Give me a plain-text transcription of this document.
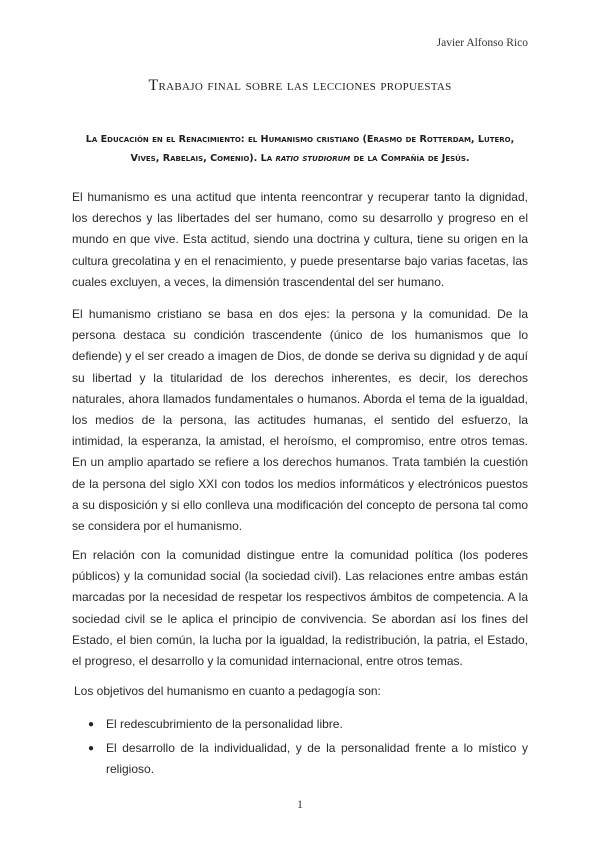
Javier Alfonso Rico
Trabajo final sobre las lecciones propuestas
La Educación en el Renacimiento: el Humanismo cristiano (Erasmo de Rotterdam, Lutero, Vives, Rabelais, Comenio). La ratio studiorum de la Compañía de Jesús.

El humanismo es una actitud que intenta reencontrar y recuperar tanto la dignidad, los derechos y las libertades del ser humano, como su desarrollo y progreso en el mundo en que vive. Esta actitud, siendo una doctrina y cultura, tiene su origen en la cultura grecolatina y en el renacimiento, y puede presentarse bajo varias facetas, las cuales excluyen, a veces, la dimensión trascendental del ser humano.

El humanismo cristiano se basa en dos ejes: la persona y la comunidad. De la persona destaca su condición trascendente (único de los humanismos que lo defiende) y el ser creado a imagen de Dios, de donde se deriva su dignidad y de aquí su libertad y la titularidad de los derechos inherentes, es decir, los derechos naturales, ahora llamados fundamentales o humanos. Aborda el tema de la igualdad, los medios de la persona, las actitudes humanas, el sentido del esfuerzo, la intimidad, la esperanza, la amistad, el heroísmo, el compromiso, entre otros temas. En un amplio apartado se refiere a los derechos humanos. Trata también la cuestión de la persona del siglo XXI con todos los medios informáticos y electrónicos puestos a su disposición y si ello conlleva una modificación del concepto de persona tal como se considera por el humanismo.

En relación con la comunidad distingue entre la comunidad política (los poderes públicos) y la comunidad social (la sociedad civil). Las relaciones entre ambas están marcadas por la necesidad de respetar los respectivos ámbitos de competencia. A la sociedad civil se le aplica el principio de convivencia. Se abordan así los fines del Estado, el bien común, la lucha por la igualdad, la redistribución, la patria, el Estado, el progreso, el desarrollo y la comunidad internacional, entre otros temas.

Los objetivos del humanismo en cuanto a pedagogía son:
● El redescubrimiento de la personalidad libre.
● El desarrollo de la individualidad, y de la personalidad frente a lo místico y religioso.
1
